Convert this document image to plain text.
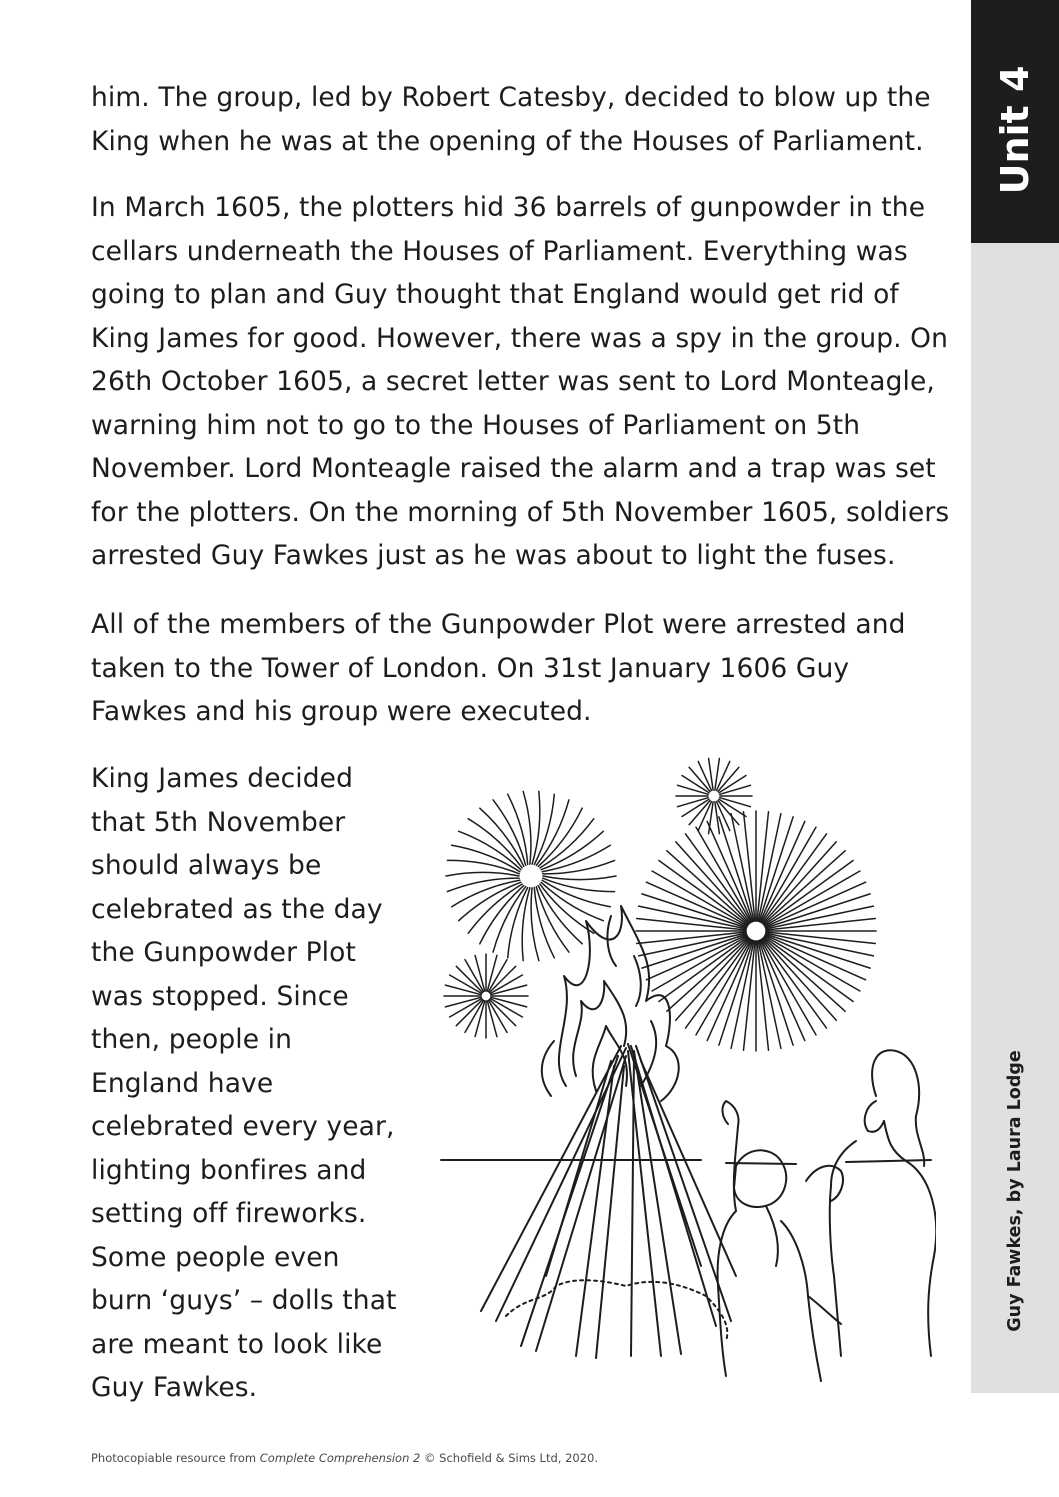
Unit 4
Guy Fawkes, by Laura Lodge

him. The group, led by Robert Catesby, decided to blow up the King when he was at the opening of the Houses of Parliament.

In March 1605, the plotters hid 36 barrels of gunpowder in the cellars underneath the Houses of Parliament. Everything was going to plan and Guy thought that England would get rid of King James for good. However, there was a spy in the group. On 26th October 1605, a secret letter was sent to Lord Monteagle, warning him not to go to the Houses of Parliament on 5th November. Lord Monteagle raised the alarm and a trap was set for the plotters. On the morning of 5th November 1605, soldiers arrested Guy Fawkes just as he was about to light the fuses.

All of the members of the Gunpowder Plot were arrested and taken to the Tower of London. On 31st January 1606 Guy Fawkes and his group were executed.

King James decided that 5th November should always be celebrated as the day the Gunpowder Plot was stopped. Since then, people in England have celebrated every year, lighting bonfires and setting off fireworks. Some people even burn ‘guys’ – dolls that are meant to look like Guy Fawkes.

Photocopiable resource from Complete Comprehension 2 © Schofield & Sims Ltd, 2020.
